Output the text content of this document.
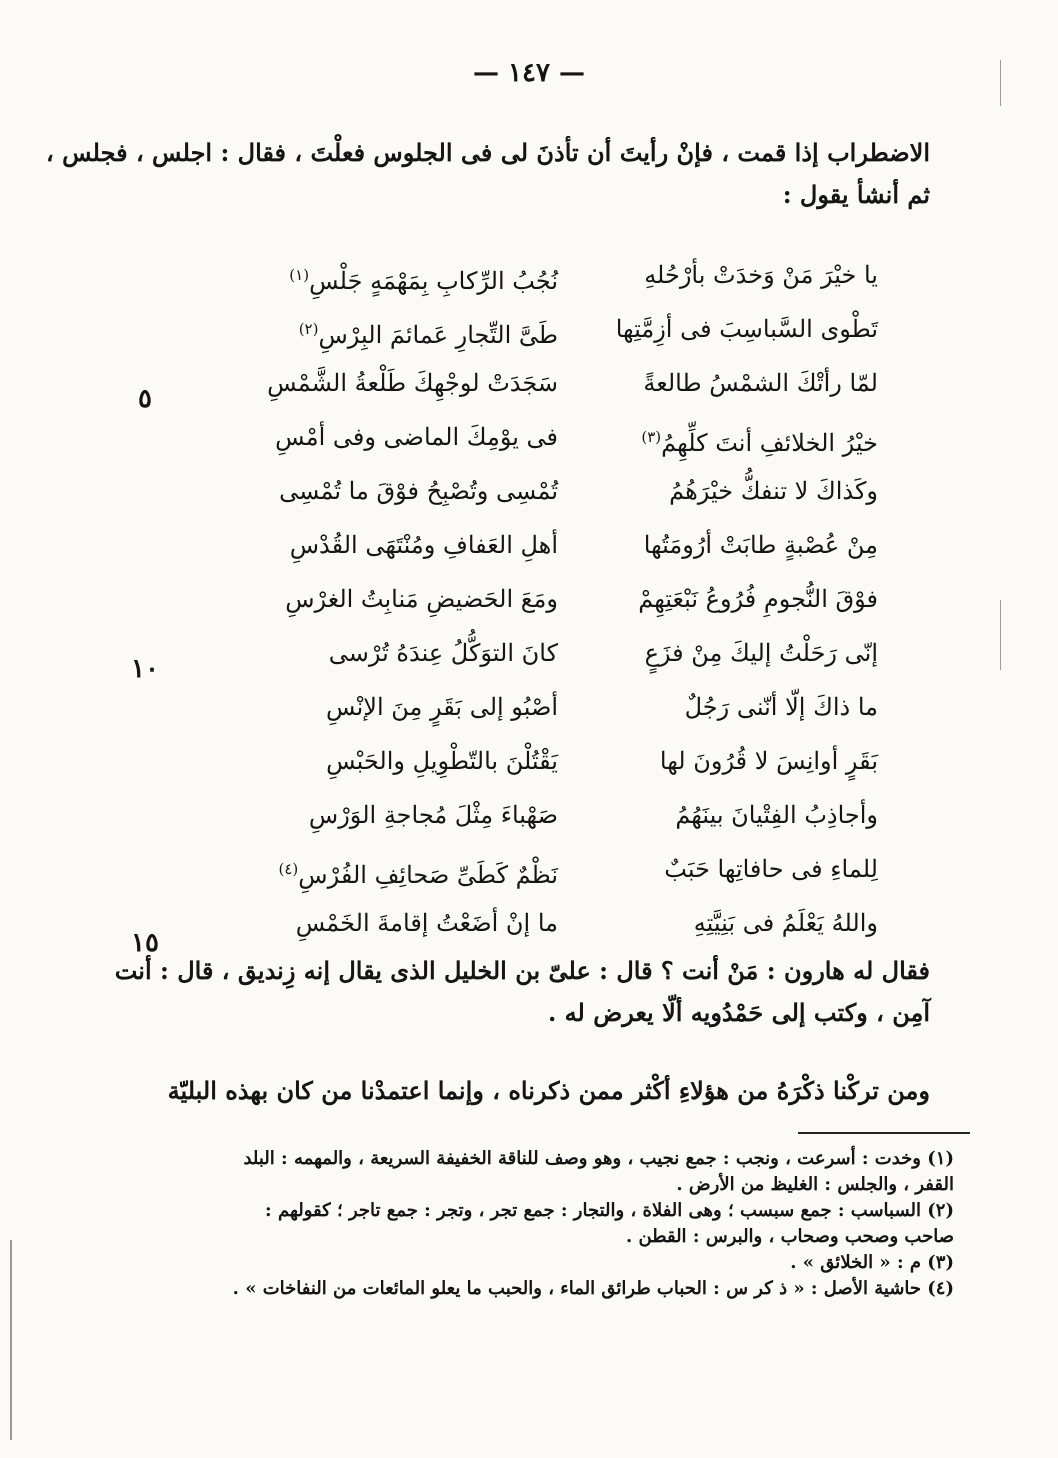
— ١٤٧ —
الاضطراب إذا قمت ، فإنْ رأيتَ أن تأذنَ لى فى الجلوس فعلْتَ ، فقال : اجلس ، فجلس ،
ثم أنشأ يقول :
يا خيْرَ مَنْ وَخدَتْ بأرْحُلهِ
نُجُبُ الرِّكابِ بِمَهْمَهٍ جَلْسِ$^{(١)}$
تَطْوى السَّباسِبَ فى أزِمَّتِها
طَىَّ التِّجارِ عَمائمَ البِرْسِ$^{(٢)}$
لمّا رأتْكَ الشمْسُ طالعةً
سَجَدَتْ لوجْهِكَ طَلْعةُ الشَّمْسِ
خيْرُ الخلائفِ أنتَ كلِّهِمُ$^{(٣)}$
فى يوْمِكَ الماضى وفى أمْسِ
وكَذاكَ لا تنفكُّ خيْرَهُمُ
تُمْسِى وتُصْبِحُ فوْقَ ما تُمْسِى
مِنْ عُصْبةٍ طابَتْ أرُومَتُها
أهلِ العَفافِ ومُنْتَهَى القُدْسِ
فوْقَ النُّجومِ فُرُوعُ نَبْعَتِهِمْ
ومَعَ الحَضيضِ مَنابِتُ الغرْسِ
إنّى رَحَلْتُ إليكَ مِنْ فزَعٍ
كانَ التوَكُّلُ عِندَهُ تُرْسى
ما ذاكَ إلّا أنّنى رَجُلٌ
أصْبُو إلى بَقَرٍ مِنَ الإنْسِ
بَقَرٍ أوانِسَ لا قُرُونَ لها
يَقْتُلْنَ بالتّطْوِيلِ والحَبْسِ
وأجاذِبُ الفِتْيانَ بينَهُمُ
صَهْباءَ مِثْلَ مُجاجةِ الوَرْسِ
لِلماءِ فى حافاتِها حَبَبٌ
نَظْمٌ كَطَىِّ صَحائِفِ الفُرْسِ$^{(٤)}$
واللهُ يَعْلَمُ فى بَنِيَّتِهِ
ما إنْ أضَعْتُ إقامةَ الخَمْسِ
٥
١٠
١٥
فقال له هارون : مَنْ أنت ؟ قال : علىّ بن الخليل الذى يقال إنه زِنديق ، قال : أنت
آمِن ، وكتب إلى حَمْدُويه ألّا يعرض له .
ومن تركْنا ذكْرَهُ من هؤلاءِ أكْثر ممن ذكرناه ، وإنما اعتمدْنا من كان بهذه البليّة
(١) وخدت : أسرعت ، ونجب : جمع نجيب ، وهو وصف للناقة الخفيفة السريعة ، والمهمه : البلد
القفر ، والجلس : الغليظ من الأرض .
(٢) السباسب : جمع سبسب ؛ وهى الفلاة ، والتجار : جمع تجر ، وتجر : جمع تاجر ؛ كقولهم :
صاحب وصحب وصحاب ، والبرس : القطن .
(٣) م : « الخلائق » .
(٤) حاشية الأصل : « ذ كر س : الحباب طرائق الماء ، والحبب ما يعلو المائعات من النفاخات » .
